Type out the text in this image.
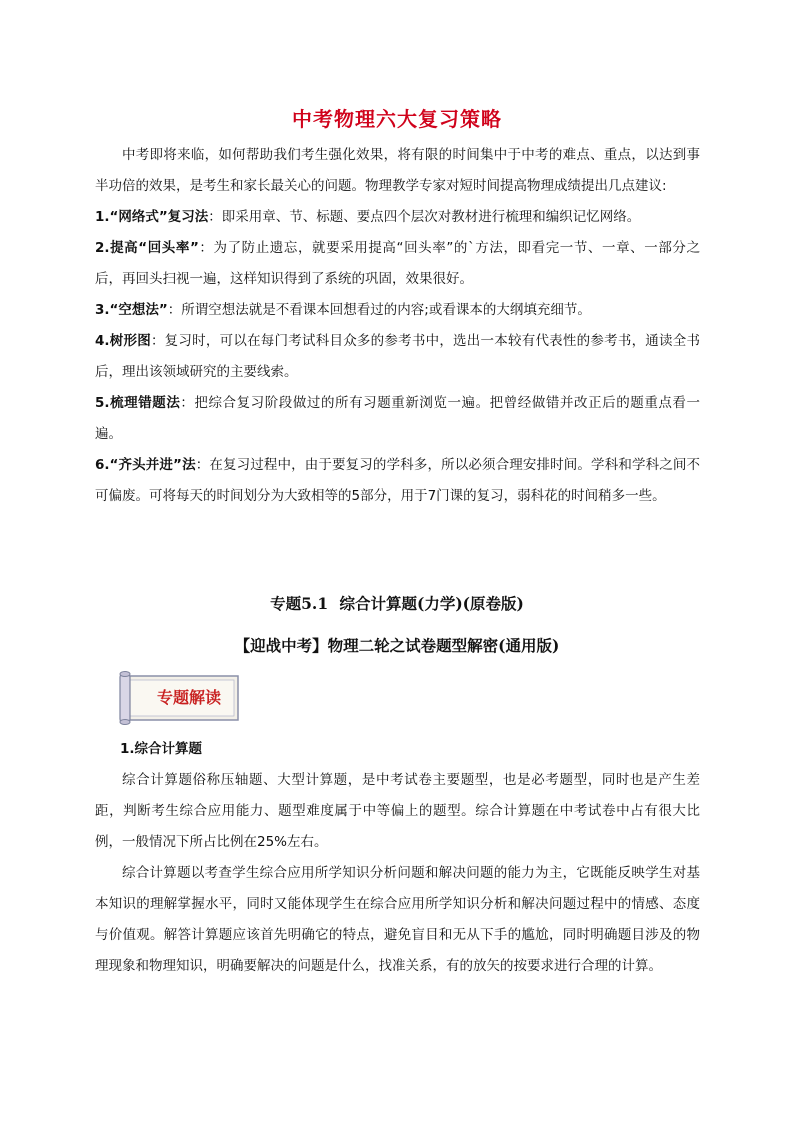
中考物理六大复习策略
中考即将来临，如何帮助我们考生强化效果，将有限的时间集中于中考的难点、重点，以达到事半功倍的效果，是考生和家长最关心的问题。物理教学专家对短时间提高物理成绩提出几点建议:
1.“网络式”复习法：即采用章、节、标题、要点四个层次对教材进行梳理和编织记忆网络。
2.提高“回头率”：为了防止遗忘，就要采用提高“回头率”的`方法，即看完一节、一章、一部分之后，再回头扫视一遍，这样知识得到了系统的巩固，效果很好。
3.“空想法”：所谓空想法就是不看课本回想看过的内容;或看课本的大纲填充细节。
4.树形图：复习时，可以在每门考试科目众多的参考书中，选出一本较有代表性的参考书，通读全书后，理出该领域研究的主要线索。
5.梳理错题法：把综合复习阶段做过的所有习题重新浏览一遍。把曾经做错并改正后的题重点看一遍。
6.“齐头并进”法：在复习过程中，由于要复习的学科多，所以必须合理安排时间。学科和学科之间不可偏废。可将每天的时间划分为大致相等的5部分，用于7门课的复习，弱科花的时间稍多一些。
专题5.1 综合计算题(力学)(原卷版)
【迎战中考】物理二轮之试卷题型解密(通用版)
专题解读
1.综合计算题
综合计算题俗称压轴题、大型计算题，是中考试卷主要题型，也是必考题型，同时也是产生差距，判断考生综合应用能力、题型难度属于中等偏上的题型。综合计算题在中考试卷中占有很大比例，一般情况下所占比例在25%左右。
综合计算题以考查学生综合应用所学知识分析问题和解决问题的能力为主，它既能反映学生对基本知识的理解掌握水平，同时又能体现学生在综合应用所学知识分析和解决问题过程中的情感、态度与价值观。解答计算题应该首先明确它的特点，避免盲目和无从下手的尴尬，同时明确题目涉及的物理现象和物理知识，明确要解决的问题是什么，找准关系，有的放矢的按要求进行合理的计算。
